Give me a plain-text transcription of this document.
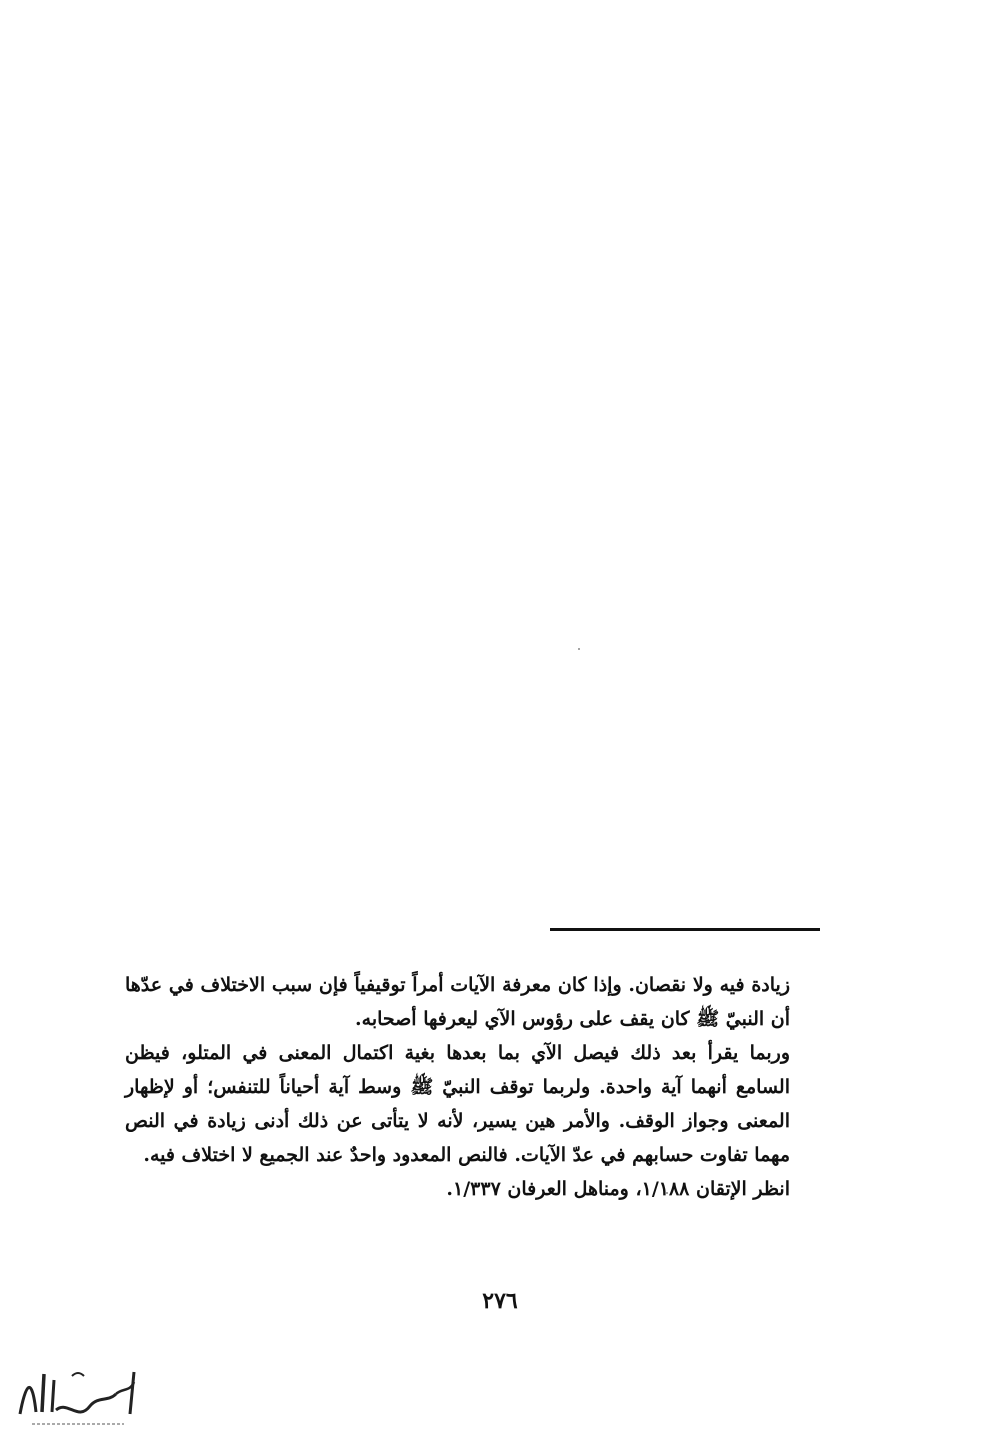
زيادة فيه ولا نقصان. وإذا كان معرفة الآيات أمراً توقيفياً فإن سبب الاختلاف في عدّها أن النبيّ ﷺ كان يقف على رؤوس الآي ليعرفها أصحابه.

وربما يقرأ بعد ذلك فيصل الآي بما بعدها بغية اكتمال المعنى في المتلو، فيظن السامع أنهما آية واحدة. ولربما توقف النبيّ ﷺ وسط آية أحياناً للتنفس؛ أو لإظهار المعنى وجواز الوقف. والأمر هين يسير، لأنه لا يتأتى عن ذلك أدنى زيادة في النص مهما تفاوت حسابهم في عدّ الآيات. فالنص المعدود واحدٌ عند الجميع لا اختلاف فيه.

انظر الإتقان ١/١٨٨، ومناهل العرفان ١/٣٣٧.

٢٧٦
